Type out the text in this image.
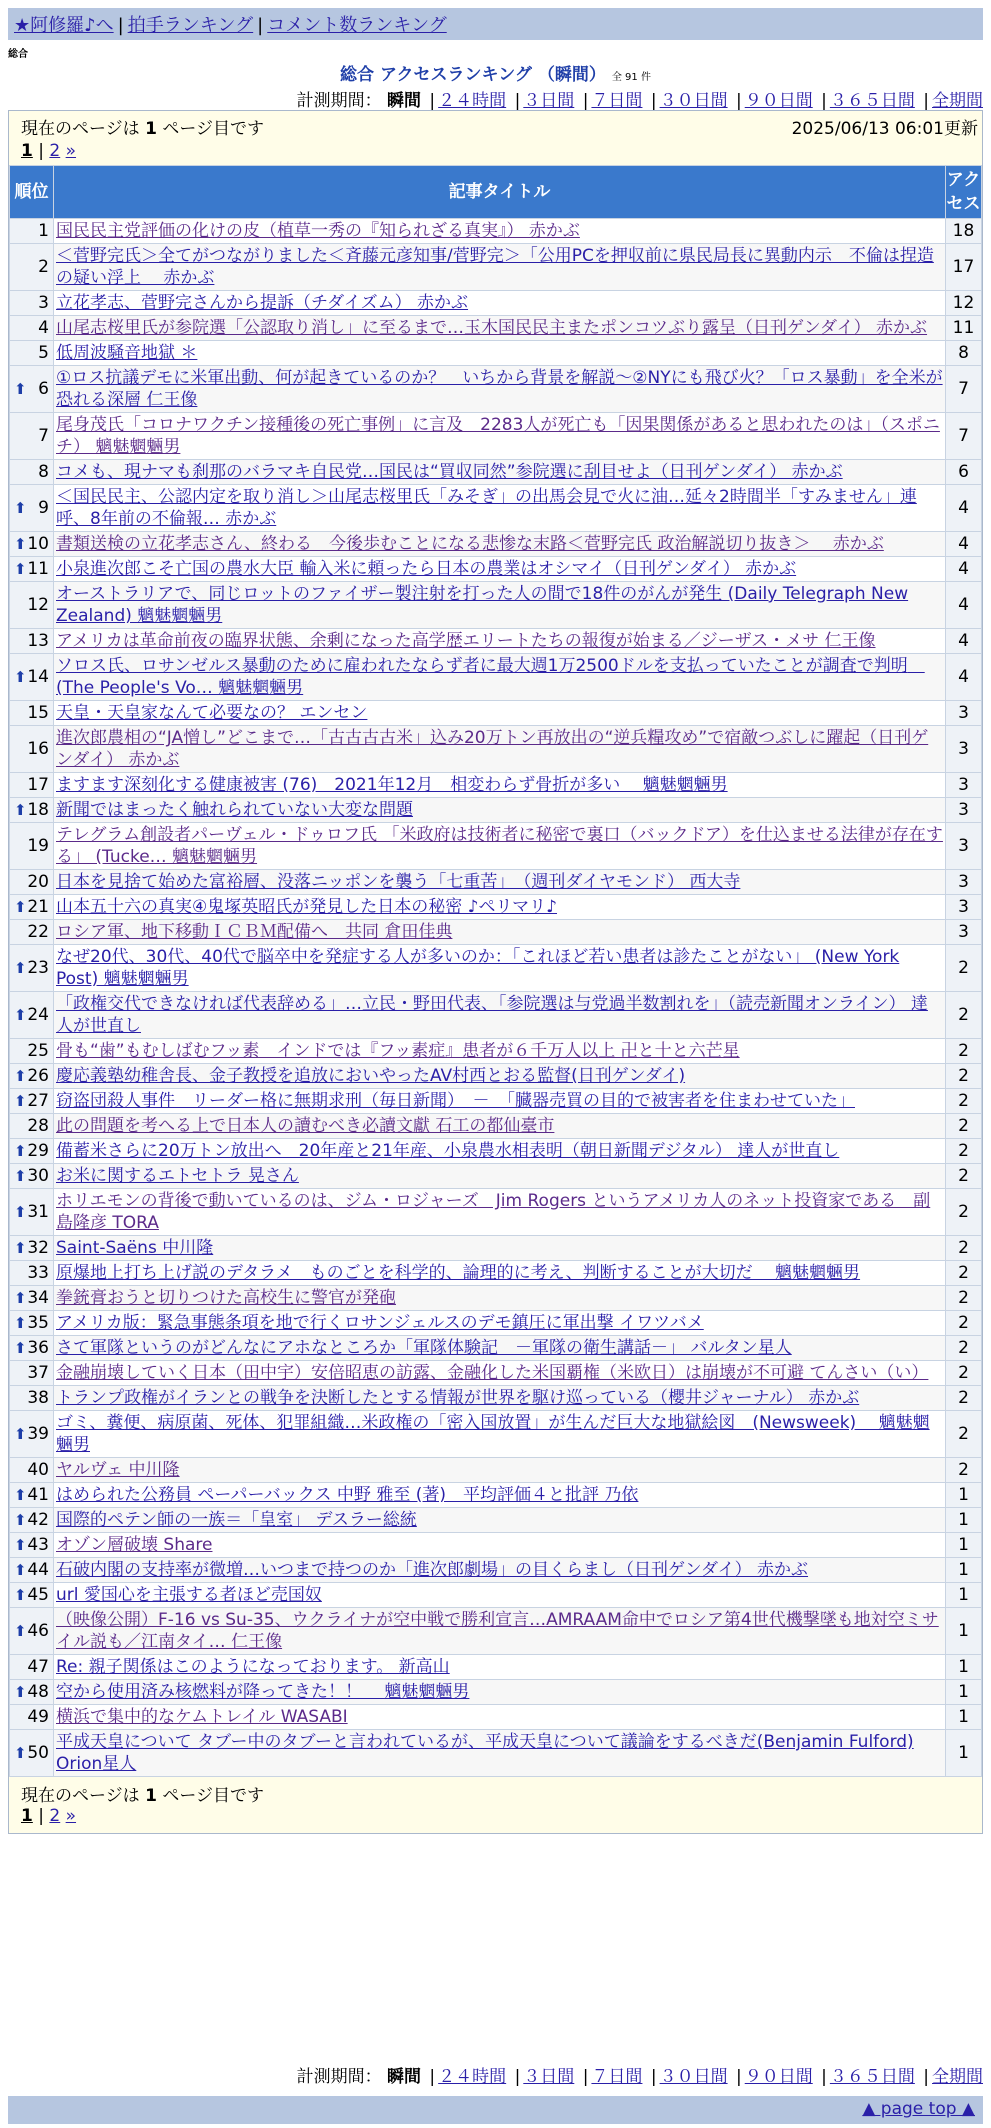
★阿修羅♪へ | 拍手ランキング | コメント数ランキング
総合
総合 アクセスランキング （瞬間） 全 91 件
計測期間： 瞬間 | ２４時間 | ３日間 | ７日間 | ３０日間 | ９０日間 | ３６５日間 | 全期間
現在のページは 1 ページ目です	2025/06/13 06:01更新
1 | 2 »
順位	記事タイトル	アクセス
1	国民民主党評価の化けの皮（植草一秀の『知られざる真実』） 赤かぶ	18
2	＜菅野完氏＞全てがつながりました＜斉藤元彦知事/菅野完＞「公用PCを押収前に県民局長に異動内示　不倫は捏造の疑い浮上　 赤かぶ	17
3	立花孝志、菅野完さんから提訴（チダイズム） 赤かぶ	12
4	山尾志桜里氏が参院選「公認取り消し」に至るまで…玉木国民民主またポンコツぶり露呈（日刊ゲンダイ） 赤かぶ	11
5	低周波騒音地獄 ＊	8

⬆ 6	①ロス抗議デモに米軍出動、何が起きているのか？　いちから背景を解説〜②NYにも飛び火？「ロス暴動」を全米が恐れる深層 仁王像	7
7	尾身茂氏「コロナワクチン接種後の死亡事例」に言及　2283人が死亡も「因果関係があると思われたのは」（スポニチ） 魑魅魍魎男	7
8	コメも、現ナマも刹那のバラマキ自民党…国民は“買収同然”参院選に刮目せよ（日刊ゲンダイ） 赤かぶ	6

⬆ 9	＜国民民主、公認内定を取り消し＞山尾志桜里氏「みそぎ」の出馬会見で火に油…延々2時間半「すみません」連呼、8年前の不倫報… 赤かぶ	4

⬆ 10	書類送検の立花孝志さん、終わる　今後歩むことになる悲惨な末路＜菅野完氏 政治解説切り抜き＞　 赤かぶ	4

⬆ 11	小泉進次郎こそ亡国の農水大臣 輸入米に頼ったら日本の農業はオシマイ（日刊ゲンダイ） 赤かぶ	4
12	オーストラリアで、同じロットのファイザー製注射を打った人の間で18件のがんが発生 (Daily Telegraph New Zealand) 魑魅魍魎男	4
13	アメリカは革命前夜の臨界状態、余剰になった高学歴エリートたちの報復が始まる／ジーザス・メサ 仁王像	4

⬆ 14	ソロス氏、ロサンゼルス暴動のために雇われたならず者に最大週1万2500ドルを支払っていたことが調査で判明　(The People's Vo… 魑魅魍魎男	4
15	天皇・天皇家なんて必要なの？ エンセン	3
16	進次郎農相の“JA憎し”どこまで…「古古古古米」込み20万トン再放出の“逆兵糧攻め”で宿敵つぶしに躍起（日刊ゲンダイ） 赤かぶ	3
17	ますます深刻化する健康被害 (76)　2021年12月　相変わらず骨折が多い　 魑魅魍魎男	3

⬆ 18	新聞ではまったく触れられていない大変な問題	3
19	テレグラム創設者パーヴェル・ドゥロフ氏 「米政府は技術者に秘密で裏口（バックドア）を仕込ませる法律が存在する」 (Tucke… 魑魅魍魎男	3
20	日本を見捨て始めた富裕層、没落ニッポンを襲う「七重苦」　（週刊ダイヤモンド） 西大寺	3

⬆ 21	山本五十六の真実④鬼塚英昭氏が発見した日本の秘密 ♪ペリマリ♪	3
22	ロシア軍、地下移動ＩＣＢＭ配備へ　共同 倉田佳典	3

⬆ 23	なぜ20代、30代、40代で脳卒中を発症する人が多いのか：「これほど若い患者は診たことがない」 (New York Post) 魑魅魍魎男	2

⬆ 24	「政権交代できなければ代表辞める」…立民・野田代表、「参院選は与党過半数割れを」（読売新聞オンライン） 達人が世直し	2
25	骨も“歯”もむしばむフッ素　インドでは『フッ素症』患者が６千万人以上 卍と十と六芒星	2

⬆ 26	慶応義塾幼稚舎長、金子教授を追放においやったAV村西とおる監督(日刊ゲンダイ)	2

⬆ 27	窃盗団殺人事件　リーダー格に無期求刑（毎日新聞）　－　「臓器売買の目的で被害者を住まわせていた」	2
28	此の問題を考へる上で日本人の讀むべき必讀文獻 石工の都仙臺市	2

⬆ 29	備蓄米さらに20万トン放出へ　20年産と21年産、小泉農水相表明（朝日新聞デジタル） 達人が世直し	2

⬆ 30	お米に関するエトセトラ 晃さん	2

⬆ 31	ホリエモンの背後で動いているのは、ジム・ロジャーズ　Jim Rogers というアメリカ人のネット投資家である　副島隆彦 TORA	2

⬆ 32	Saint-Saëns 中川隆	2
33	原爆地上打ち上げ説のデタラメ　ものごとを科学的、論理的に考え、判断することが大切だ　 魑魅魍魎男	2

⬆ 34	拳銃膏おうと切りつけた高校生に警官が発砲	2

⬆ 35	アメリカ版：緊急事態条項を地で行くロサンジェルスのデモ鎮圧に軍出撃 イワツバメ	2

⬆ 36	さて軍隊というのがどんなにアホなところか「軍隊体験記　－軍隊の衛生講話－」 バルタン星人	2
37	金融崩壊していく日本（田中宇）安倍昭恵の訪露、金融化した米国覇権（米欧日）は崩壊が不可避 てんさい（い）	2
38	トランプ政権がイランとの戦争を決断したとする情報が世界を駆け巡っている（櫻井ジャーナル） 赤かぶ	2

⬆ 39	ゴミ、糞便、病原菌、死体、犯罪組織…米政権の「密入国放置」が生んだ巨大な地獄絵図　(Newsweek)　 魑魅魍魎男	2
40	ヤルヴェ 中川隆	2

⬆ 41	はめられた公務員 ペーパーバックス 中野 雅至 (著)　平均評価４と批評 乃依	1

⬆ 42	国際的ペテン師の一族＝「皇室」 デスラー総統	1

⬆ 43	オゾン層破壊 Share	1

⬆ 44	石破内閣の支持率が微増…いつまで持つのか「進次郎劇場」の目くらまし（日刊ゲンダイ） 赤かぶ	1

⬆ 45	url 愛国心を主張する者ほど売国奴	1

⬆ 46	（映像公開）F-16 vs Su-35、ウクライナが空中戦で勝利宣言…AMRAAM命中でロシア第4世代機撃墜も地対空ミサイル説も／江南タイ… 仁王像	1
47	Re: 親子関係はこのようになっております。 新高山	1

⬆ 48	空から使用済み核燃料が降ってきた！！　 魑魅魍魎男	1
49	横浜で集中的なケムトレイル WASABI	1

⬆ 50	平成天皇について タブー中のタブーと言われているが、平成天皇について議論をするべきだ(Benjamin Fulford) Orion星人	1
現在のページは 1 ページ目です
1 | 2 »
計測期間： 瞬間 | ２４時間 | ３日間 | ７日間 | ３０日間 | ９０日間 | ３６５日間 | 全期間
▲ page top ▲
